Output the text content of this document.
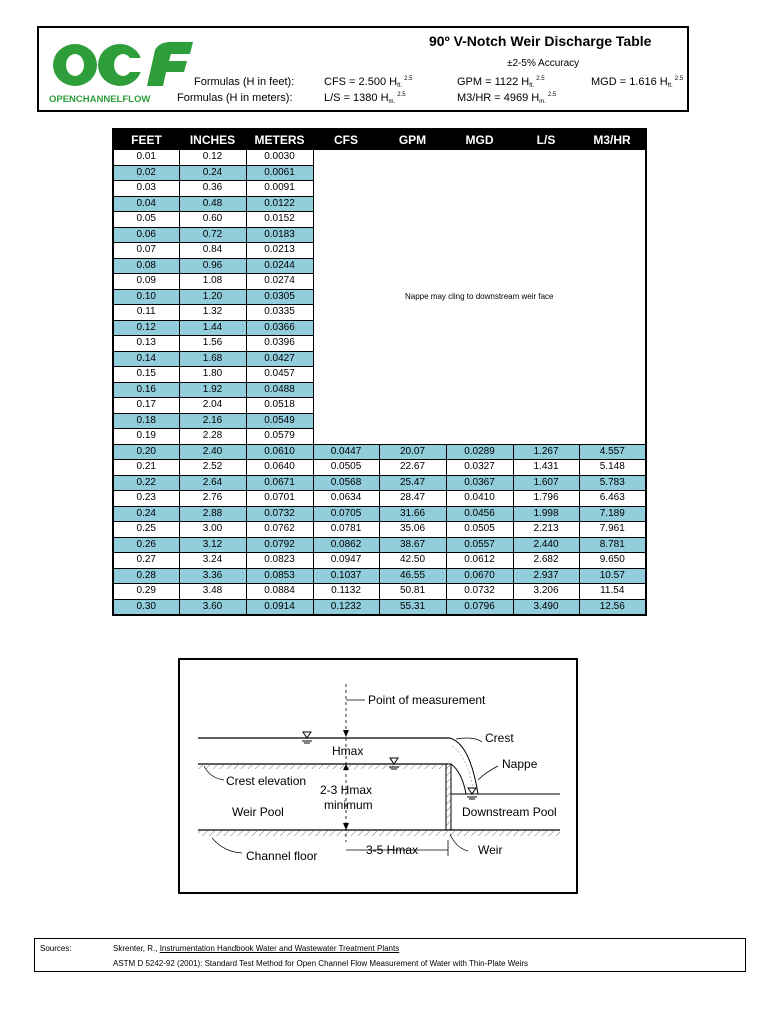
OPENCHANNELFLOW
90º V-Notch Weir Discharge Table
±2-5% Accuracy
Formulas (H in feet):
Formulas (H in meters):
CFS = 2.500 $H_{ft.}^{2.5}$	GPM = 1122 $H_{ft.}^{2.5}$	MGD = 1.616 $H_{ft.}^{2.5}$
L/S = 1380 $H_{m.}^{2.5}$	M3/HR = 4969 $H_{m.}^{2.5}$
FEET	INCHES	METERS	CFS	GPM	MGD	L/S	M3/HR
0.01	0.12	0.0030	Nappe may cling to downstream weir face				
0.02	0.24	0.0061					
0.03	0.36	0.0091					
0.04	0.48	0.0122					
0.05	0.60	0.0152					
0.06	0.72	0.0183					
0.07	0.84	0.0213					
0.08	0.96	0.0244					
0.09	1.08	0.0274					
0.10	1.20	0.0305					
0.11	1.32	0.0335					
0.12	1.44	0.0366					
0.13	1.56	0.0396					
0.14	1.68	0.0427					
0.15	1.80	0.0457					
0.16	1.92	0.0488					
0.17	2.04	0.0518					
0.18	2.16	0.0549					
0.19	2.28	0.0579					
0.20	2.40	0.0610	0.0447	20.07	0.0289	1.267	4.557
0.21	2.52	0.0640	0.0505	22.67	0.0327	1.431	5.148
0.22	2.64	0.0671	0.0568	25.47	0.0367	1.607	5.783
0.23	2.76	0.0701	0.0634	28.47	0.0410	1.796	6.463
0.24	2.88	0.0732	0.0705	31.66	0.0456	1.998	7.189
0.25	3.00	0.0762	0.0781	35.06	0.0505	2.213	7.961
0.26	3.12	0.0792	0.0862	38.67	0.0557	2.440	8.781
0.27	3.24	0.0823	0.0947	42.50	0.0612	2.682	9.650
0.28	3.36	0.0853	0.1037	46.55	0.0670	2.937	10.57
0.29	3.48	0.0884	0.1132	50.81	0.0732	3.206	11.54
0.30	3.60	0.0914	0.1232	55.31	0.0796	3.490	12.56
Point of measurement
Crest
Hmax
Nappe
Crest elevation
2-3 Hmax
minimum
Weir Pool	Downstream Pool
Channel floor	3-5 Hmax	Weir
Sources:	Skrenter, R., Instrumentation Handbook Water and Wastewater Treatment Plants
ASTM D 5242-92 (2001): Standard Test Method for Open Channel Flow Measurement of Water with Thin-Plate Weirs
